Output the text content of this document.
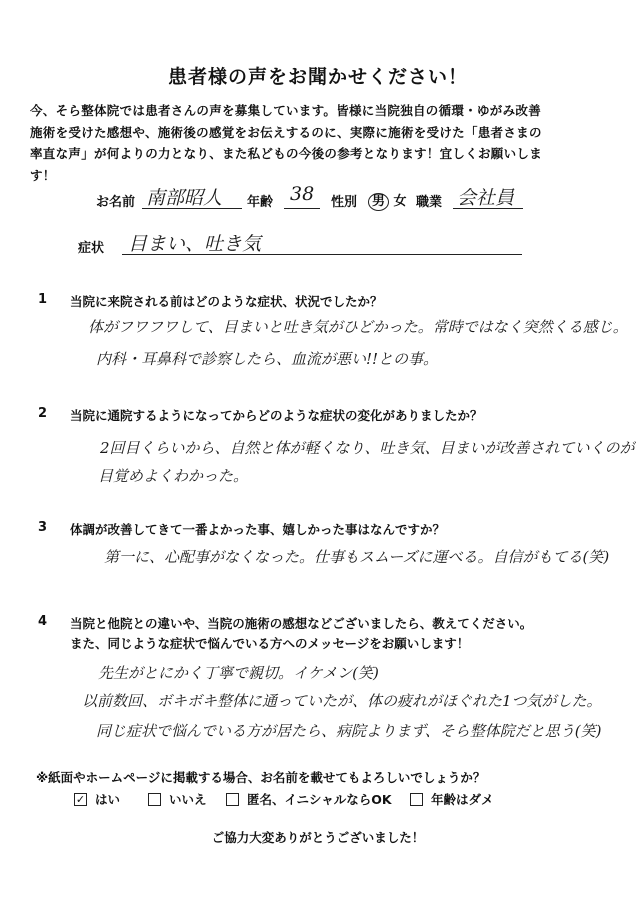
患者様の声をお聞かせください！

今、そら整体院では患者さんの声を募集しています。皆様に当院独自の循環・ゆがみ改善

施術を受けた感想や、施術後の感覚をお伝えするのに、実際に施術を受けた「患者さまの

率直な声」が何よりの力となり、また私どもの今後の参考となります！宜しくお願いしま

す！

お名前 南部昭人 年齢 38 性別	男 女 職業 会社員
症状 目まい、吐き気
1 当院に来院される前はどのような症状、状況でしたか？
体がフワフワして、目まいと吐き気がひどかった。常時ではなく突然くる感じ。
内科・耳鼻科で診察したら、血流が悪い!!との事。
2 当院に通院するようになってからどのような症状の変化がありましたか？
2回目くらいから、自然と体が軽くなり、吐き気、目まいが改善されていくのが
目覚めよくわかった。
3 体調が改善してきて一番よかった事、嬉しかった事はなんですか？
第一に、心配事がなくなった。仕事もスムーズに運べる。自信がもてる(笑)
4 当院と他院との違いや、当院の施術の感想などございましたら、教えてください。
また、同じような症状で悩んでいる方へのメッセージをお願いします！
先生がとにかく丁寧で親切。イケメン(笑)
以前数回、ボキボキ整体に通っていたが、体の疲れがほぐれた1つ気がした。
同じ症状で悩んでいる方が居たら、病院よりまず、そら整体院だと思う(笑)
※紙面やホームページに掲載する場合、お名前を載せてもよろしいでしょうか？
✓ はい	いいえ	匿名、イニシャルならOK	年齢はダメ
ご協力大変ありがとうございました！
